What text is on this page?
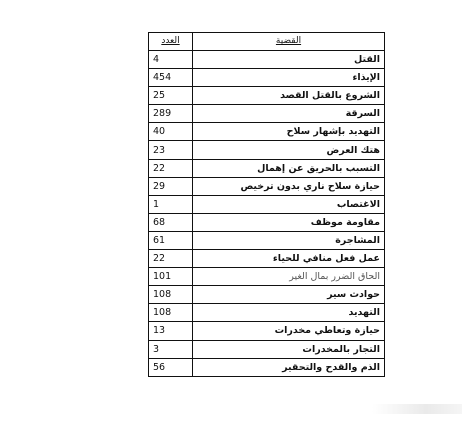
العدد	القضية
4	القتل
454	الإيذاء
25	الشروع بالقتل القصد
289	السرقة
40	التهديد بإشهار سلاح
23	هتك العرض
22	التسبب بالحريق عن إهمال
29	حيازة سلاح ناري بدون ترخيص
1	الاغتصاب
68	مقاومة موظف
61	المشاجرة
22	عمل فعل منافي للحياء
101	الحاق الضرر بمال الغير
108	حوادث سير
108	التهديد
13	حيازة وتعاطي مخدرات
3	التجار بالمخدرات
56	الذم والقدح والتحقير
